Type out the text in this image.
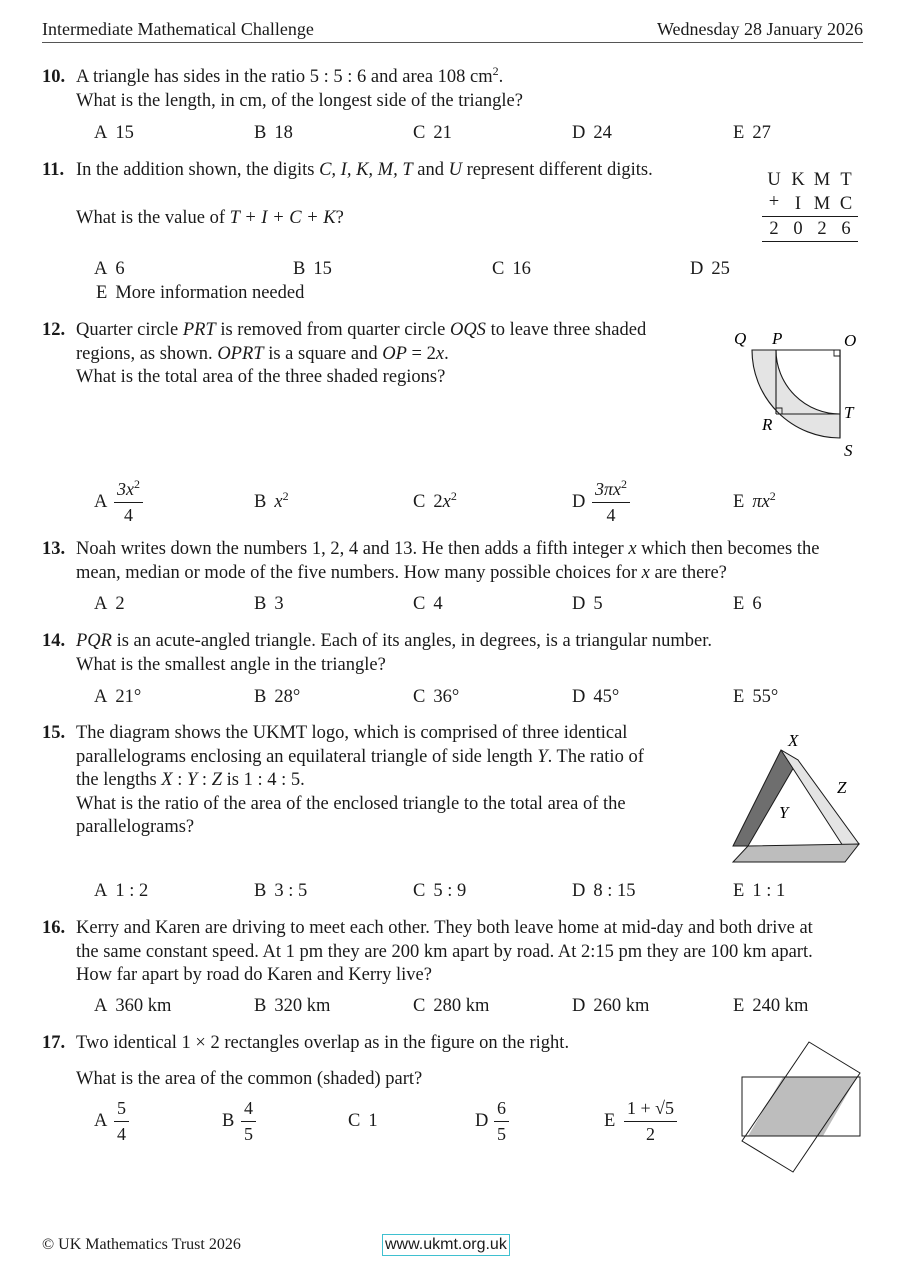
Intermediate Mathematical Challenge	Wednesday 28 January 2026
10. A triangle has sides in the ratio 5 : 5 : 6 and area 108 $cm^2$.
What is the length, in cm, of the longest side of the triangle?
A 15	B 18	C 21	D 24	E 27
11. In the addition shown, the digits C, I, K, M, T and U represent different digits.
What is the value of T + I + C + K?
U	K	M	T
+	I	M	C
2	0	2	6
A 6	B 15	C 16	D 25
E More information needed
12. Quarter circle PRT is removed from quarter circle OQS to leave three shaded
regions, as shown. OPRT is a square and OP = 2x.
What is the total area of the three shaded regions?
Q P	O
R
T
S
A $\frac{3x^2}{4}$	B $x^2$	C $2x^2$	D $\frac{3\pi x^2}{4}$	E $\pi x^2$
13. Noah writes down the numbers 1, 2, 4 and 13. He then adds a fifth integer x which then becomes the
mean, median or mode of the five numbers. How many possible choices for x are there?
A 2	B 3	C 4	D 5	E 6
14. PQR is an acute-angled triangle. Each of its angles, in degrees, is a triangular number.
What is the smallest angle in the triangle?
A 21°	B 28°	C 36°	D 45°	E 55°
15. The diagram shows the UKMT logo, which is comprised of three identical
parallelograms enclosing an equilateral triangle of side length Y. The ratio of
the lengths X : Y : Z is 1 : 4 : 5.
What is the ratio of the area of the enclosed triangle to the total area of the
parallelograms?
X
Y
Z
A 1 : 2	B 3 : 5	C 5 : 9	D 8 : 15	E 1 : 1
16. Kerry and Karen are driving to meet each other. They both leave home at mid-day and both drive at
the same constant speed. At 1 pm they are 200 km apart by road. At 2:15 pm they are 100 km apart.
How far apart by road do Karen and Kerry live?
A 360 km	B 320 km	C 280 km	D 260 km	E 240 km
17. Two identical 1 × 2 rectangles overlap as in the figure on the right.
What is the area of the common (shaded) part?
A $\frac{5}{4}$	B $\frac{4}{5}$	C 1	D $\frac{6}{5}$	E $\frac{1 + √5}{2}$
© UK Mathematics Trust 2026	www.ukmt.org.uk
